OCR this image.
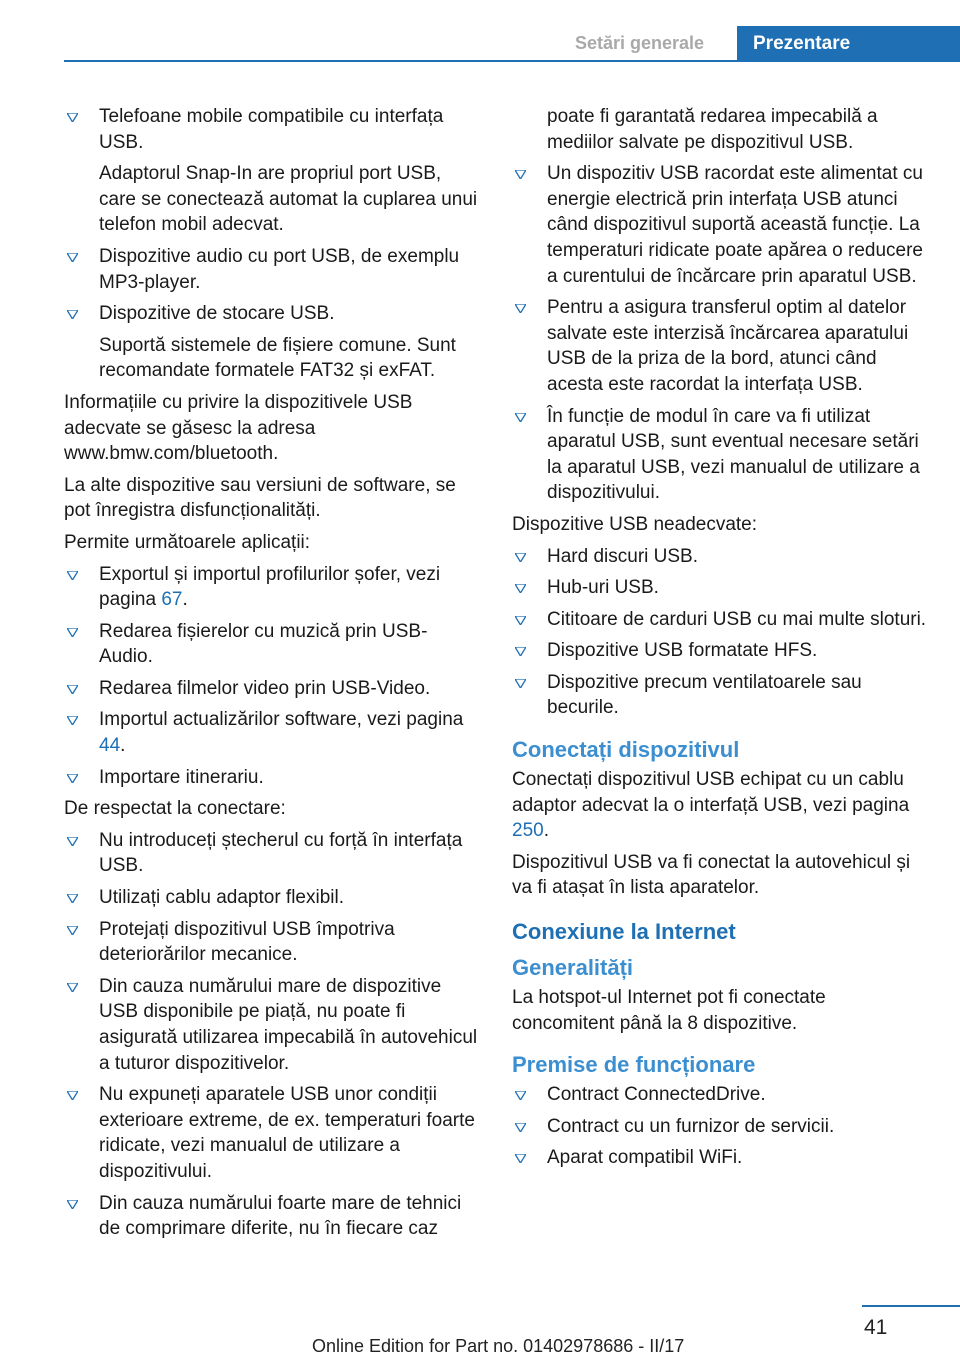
Setări generale	Prezentare

Telefoane mobile compatibile cu interfața USB.

Adaptorul Snap-In are propriul port USB, care se conectează automat la cuplarea unui telefon mobil adecvat.

Dispozitive audio cu port USB, de exemplu MP3-player.

Dispozitive de stocare USB.

Suportă sistemele de fișiere comune. Sunt recomandate formatele FAT32 și exFAT.

Informațiile cu privire la dispozitivele USB adecvate se găsesc la adresa www.bmw.com/bluetooth.

La alte dispozitive sau versiuni de software, se pot înregistra disfuncționalități.

Permite următoarele aplicații:

Exportul și importul profilurilor șofer, vezi pagina 67.

Redarea fișierelor cu muzică prin USB-Audio.

Redarea filmelor video prin USB-Video.

Importul actualizărilor software, vezi pagina 44.

Importare itinerariu.

De respectat la conectare:

Nu introduceți ștecherul cu forță în interfața USB.

Utilizați cablu adaptor flexibil.

Protejați dispozitivul USB împotriva deteriorărilor mecanice.

Din cauza numărului mare de dispozitive USB disponibile pe piață, nu poate fi asigurată utilizarea impecabilă în autovehicul a tuturor dispozitivelor.

Nu expuneți aparatele USB unor condiții exterioare extreme, de ex. temperaturi foarte ridicate, vezi manualul de utilizare a dispozitivului.

Din cauza numărului foarte mare de tehnici de comprimare diferite, nu în fiecare caz

poate fi garantată redarea impecabilă a mediilor salvate pe dispozitivul USB.

Un dispozitiv USB racordat este alimentat cu energie electrică prin interfața USB atunci când dispozitivul suportă această funcție. La temperaturi ridicate poate apărea o reducere a curentului de încărcare prin aparatul USB.

Pentru a asigura transferul optim al datelor salvate este interzisă încărcarea aparatului USB de la priza de la bord, atunci când acesta este racordat la interfața USB.

În funcție de modul în care va fi utilizat aparatul USB, sunt eventual necesare setări la aparatul USB, vezi manualul de utilizare a dispozitivului.

Dispozitive USB neadecvate:

Hard discuri USB.

Hub-uri USB.

Cititoare de carduri USB cu mai multe sloturi.

Dispozitive USB formatate HFS.

Dispozitive precum ventilatoarele sau becurile.

Conectați dispozitivul

Conectați dispozitivul USB echipat cu un cablu adaptor adecvat la o interfață USB, vezi pagina 250.

Dispozitivul USB va fi conectat la autovehicul și va fi atașat în lista aparatelor.

Conexiune la Internet
Generalități

La hotspot-ul Internet pot fi conectate concomitent până la 8 dispozitive.

Premise de funcționare

Contract ConnectedDrive.

Contract cu un furnizor de servicii.

Aparat compatibil WiFi.

41
Online Edition for Part no. 01402978686 - II/17
